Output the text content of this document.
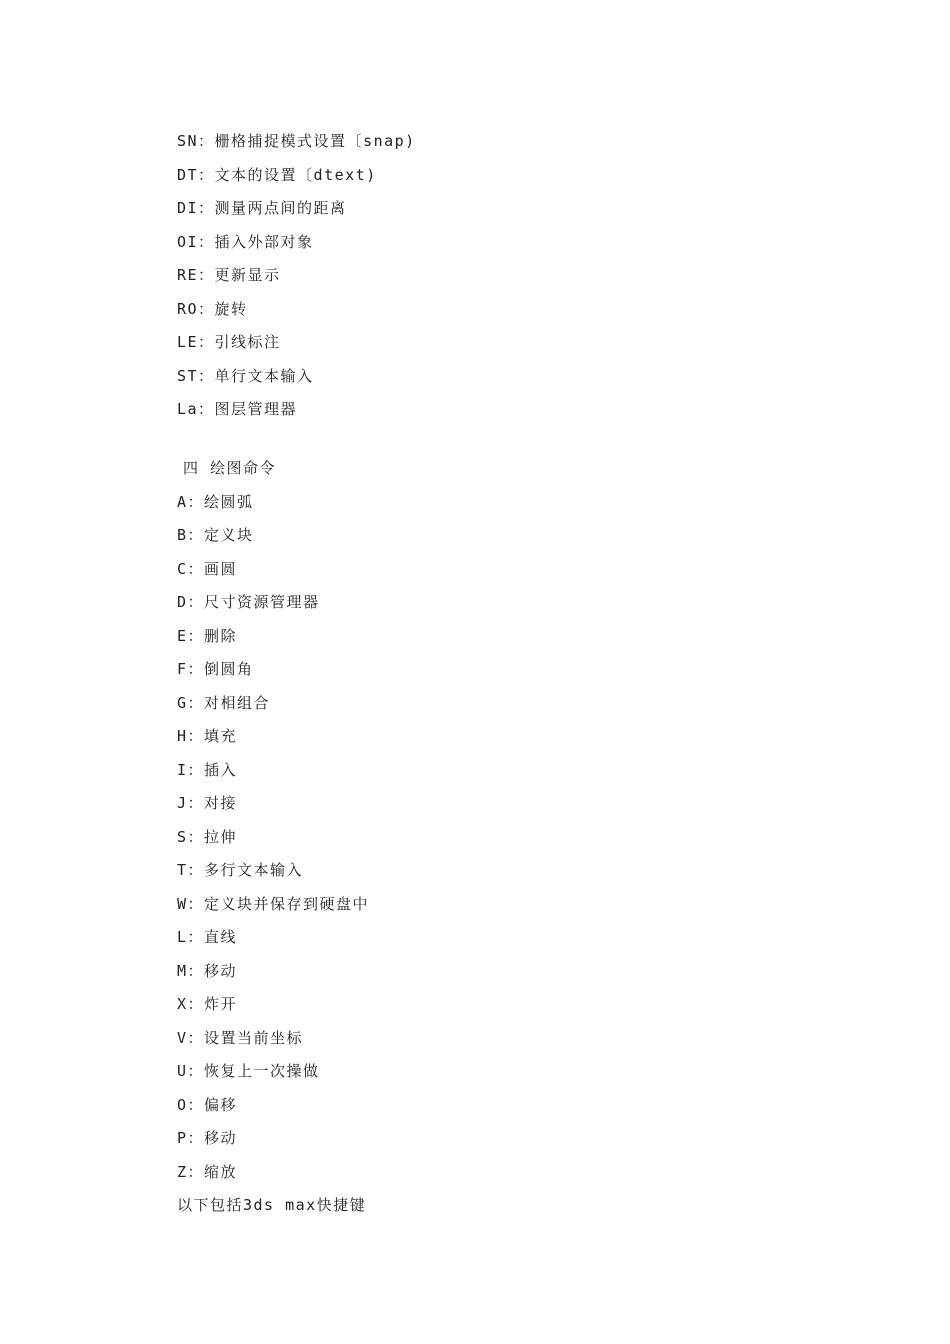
SN：栅格捕捉模式设置〔snap)
DT：文本的设置〔dtext)
DI：测量两点间的距离
OI：插入外部对象
RE：更新显示
RO：旋转
LE：引线标注
ST：单行文本输入
La：图层管理器
四 绘图命令
A：绘圆弧
B：定义块
C：画圆
D：尺寸资源管理器
E：删除
F：倒圆角
G：对相组合
H：填充
I：插入
J：对接
S：拉伸
T：多行文本输入
W：定义块并保存到硬盘中
L：直线
M：移动
X：炸开
V：设置当前坐标
U：恢复上一次操做
O：偏移
P：移动
Z：缩放
以下包括3ds max快捷键
